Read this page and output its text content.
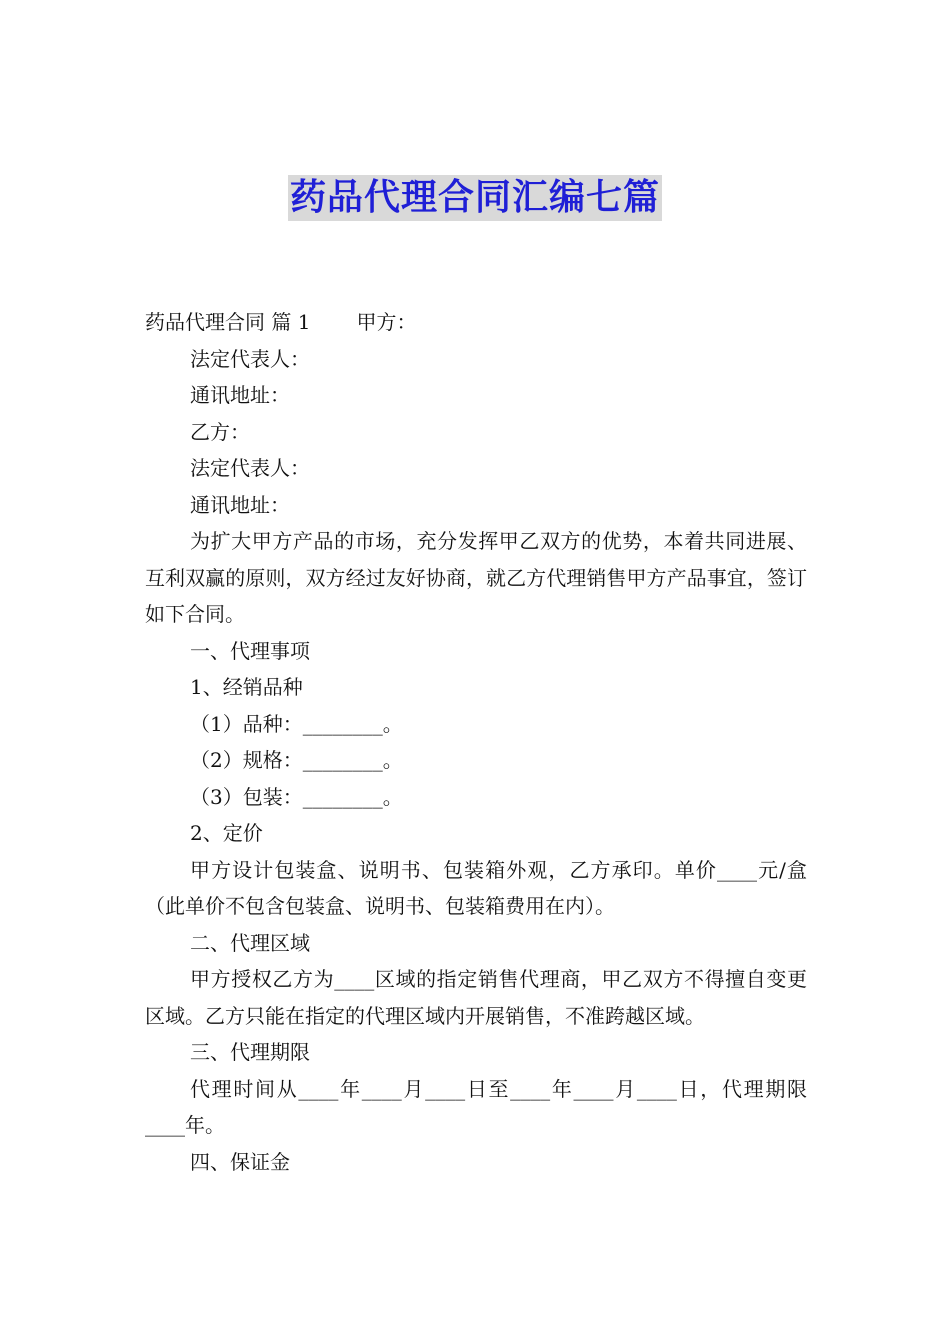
药品代理合同汇编七篇
药品代理合同 篇 1 甲方：
法定代表人：
通讯地址：
乙方：
法定代表人：
通讯地址：
为扩大甲方产品的市场，充分发挥甲乙双方的优势，本着共同进展、互利双赢的原则，双方经过友好协商，就乙方代理销售甲方产品事宜，签订如下合同。
一、代理事项
1、经销品种
（1）品种：________。
（2）规格：________。
（3）包装：________。
2、定价
甲方设计包装盒、说明书、包装箱外观，乙方承印。单价____元/盒（此单价不包含包装盒、说明书、包装箱费用在内）。
二、代理区域
甲方授权乙方为____区域的指定销售代理商，甲乙双方不得擅自变更区域。乙方只能在指定的代理区域内开展销售，不准跨越区域。
三、代理期限
代理时间从____年____月____日至____年____月____日，代理期限____年。
四、保证金
